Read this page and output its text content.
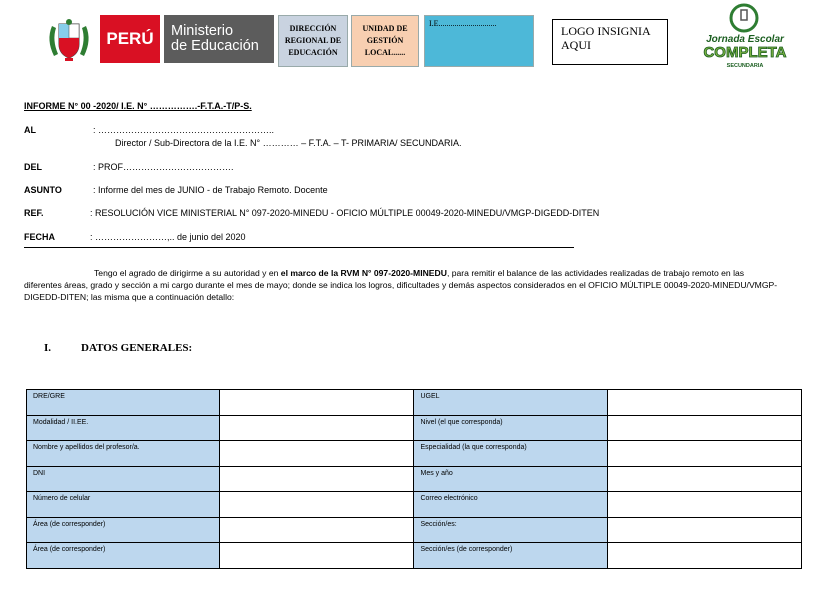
PERÚ Ministerio
de Educación
DIRECCIÓN
REGIONAL DE
EDUCACIÓN
UNIDAD DE
GESTIÓN
LOCAL......
I.E.............................
LOGO INSIGNIA
AQUI	Jornada Escolar
COMPLETA
SECUNDARIA
INFORME N° 00 -2020/ I.E. N° …………….-F.T.A.-T/P-S.
AL	: …………………………………………………..
Director / Sub-Directora de la I.E. N° ………… – F.T.A. – T- PRIMARIA/ SECUNDARIA.
DEL	: PROF……………………………….
ASUNTO	: Informe del mes de JUNIO - de Trabajo Remoto. Docente
REF.	: RESOLUCIÓN VICE MINISTERIAL N° 097-2020-MINEDU - OFICIO MÚLTIPLE 00049-2020-MINEDU/VMGP-DIGEDD-DITEN
FECHA	: ……………………,.. de junio del 2020
Tengo el agrado de dirigirme a su autoridad y en el marco de la RVM N° 097-2020-MINEDU, para remitir el balance de las actividades realizadas de trabajo remoto en las diferentes áreas, grado y sección a mi cargo durante el mes de mayo; donde se indica los logros, dificultades y demás aspectos considerados en el OFICIO MÚLTIPLE 00049-2020-MINEDU/VMGP-DIGEDD-DITEN; las misma que a continuación detallo:
I.	DATOS GENERALES:
DRE/GRE		UGEL	

Modalidad / II.EE.		Nivel (el que corresponda)	

Nombre y apellidos del profesor/a.		Especialidad (la que corresponda)	

DNI		Mes y año	

Número de celular		Correo electrónico	

Área (de corresponder)		Sección/es:	

Área (de corresponder)		Sección/es (de corresponder)	
